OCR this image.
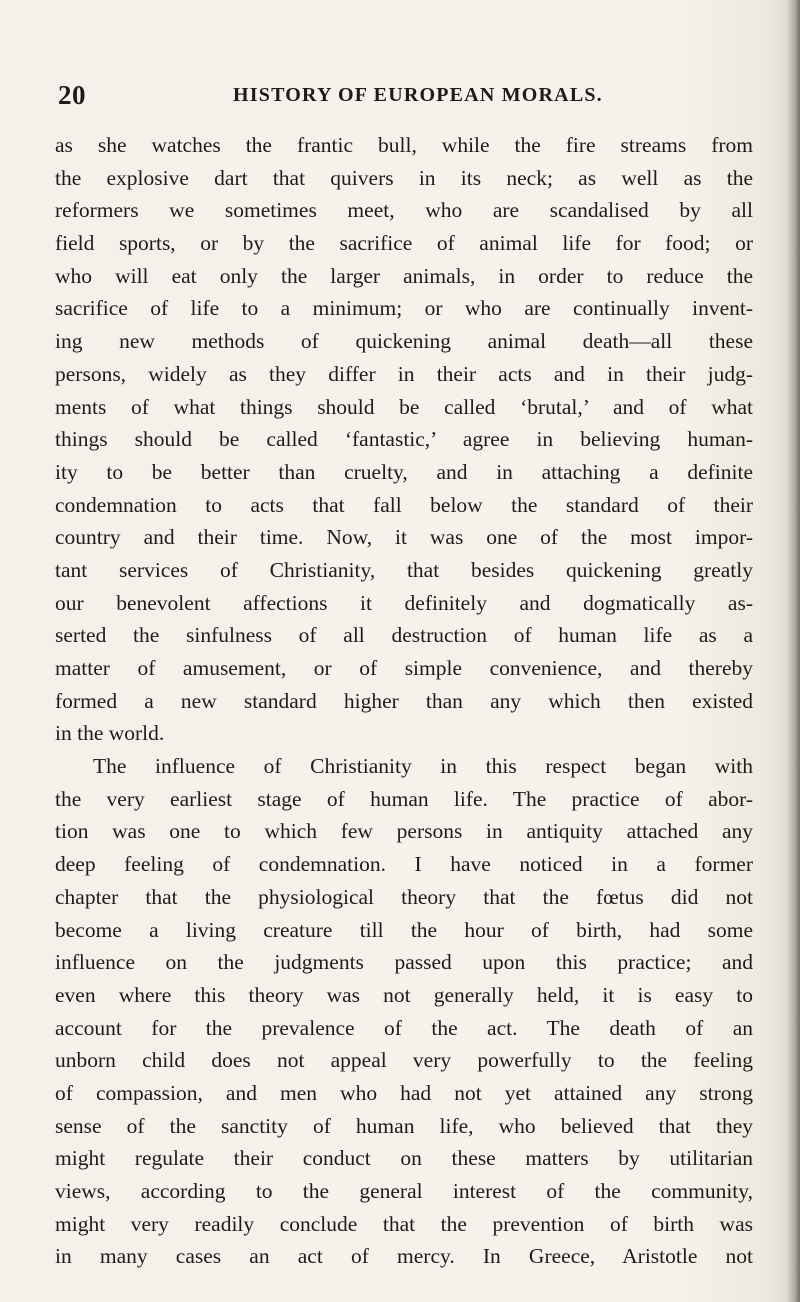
20	HISTORY OF EUROPEAN MORALS.
as she watches the frantic bull, while the fire streams from
the explosive dart that quivers in its neck; as well as the
reformers we sometimes meet, who are scandalised by all
field sports, or by the sacrifice of animal life for food; or
who will eat only the larger animals, in order to reduce the
sacrifice of life to a minimum; or who are continually invent-
ing new methods of quickening animal death—all these
persons, widely as they differ in their acts and in their judg-
ments of what things should be called ‘brutal,’ and of what
things should be called ‘fantastic,’ agree in believing human-
ity to be better than cruelty, and in attaching a definite
condemnation to acts that fall below the standard of their
country and their time. Now, it was one of the most impor-
tant services of Christianity, that besides quickening greatly
our benevolent affections it definitely and dogmatically as-
serted the sinfulness of all destruction of human life as a
matter of amusement, or of simple convenience, and thereby
formed a new standard higher than any which then existed
in the world.
The influence of Christianity in this respect began with
the very earliest stage of human life. The practice of abor-
tion was one to which few persons in antiquity attached any
deep feeling of condemnation. I have noticed in a former
chapter that the physiological theory that the fœtus did not
become a living creature till the hour of birth, had some
influence on the judgments passed upon this practice; and
even where this theory was not generally held, it is easy to
account for the prevalence of the act. The death of an
unborn child does not appeal very powerfully to the feeling
of compassion, and men who had not yet attained any strong
sense of the sanctity of human life, who believed that they
might regulate their conduct on these matters by utilitarian
views, according to the general interest of the community,
might very readily conclude that the prevention of birth was
in many cases an act of mercy. In Greece, Aristotle not
